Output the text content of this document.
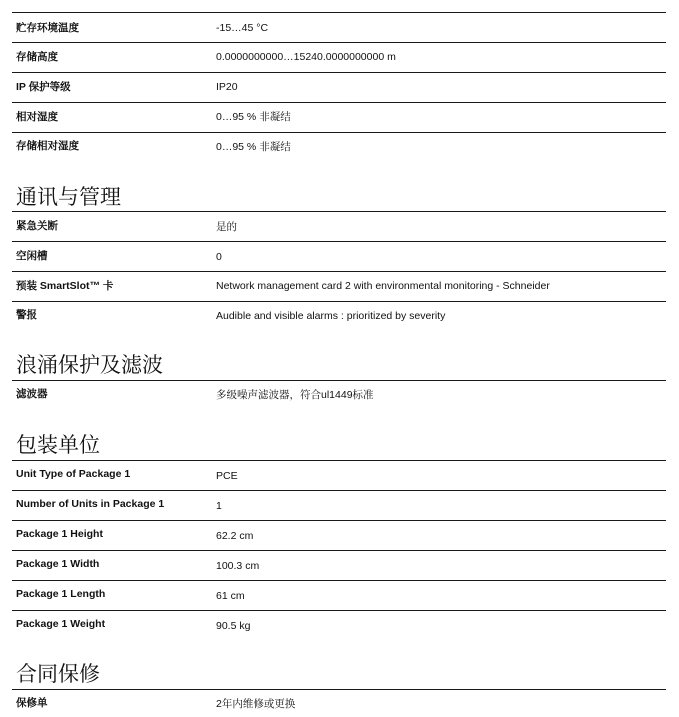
贮存环境温度	-15…45 °C
存储高度	0.0000000000…15240.0000000000 m
IP 保护等级	IP20
相对湿度	0…95 % 非凝结
存储相对湿度	0…95 % 非凝结
通讯与管理
紧急关断	是的
空闲槽	0
预装 SmartSlot™ 卡	Network management card 2 with environmental monitoring - Schneider
警报	Audible and visible alarms : prioritized by severity
浪涌保护及滤波
滤波器	多级噪声滤波器，符合ul1449标准
包装单位
Unit Type of Package 1	PCE
Number of Units in Package 1	1
Package 1 Height	62.2 cm
Package 1 Width	100.3 cm
Package 1 Length	61 cm
Package 1 Weight	90.5 kg
合同保修
保修单	2年内维修或更换
